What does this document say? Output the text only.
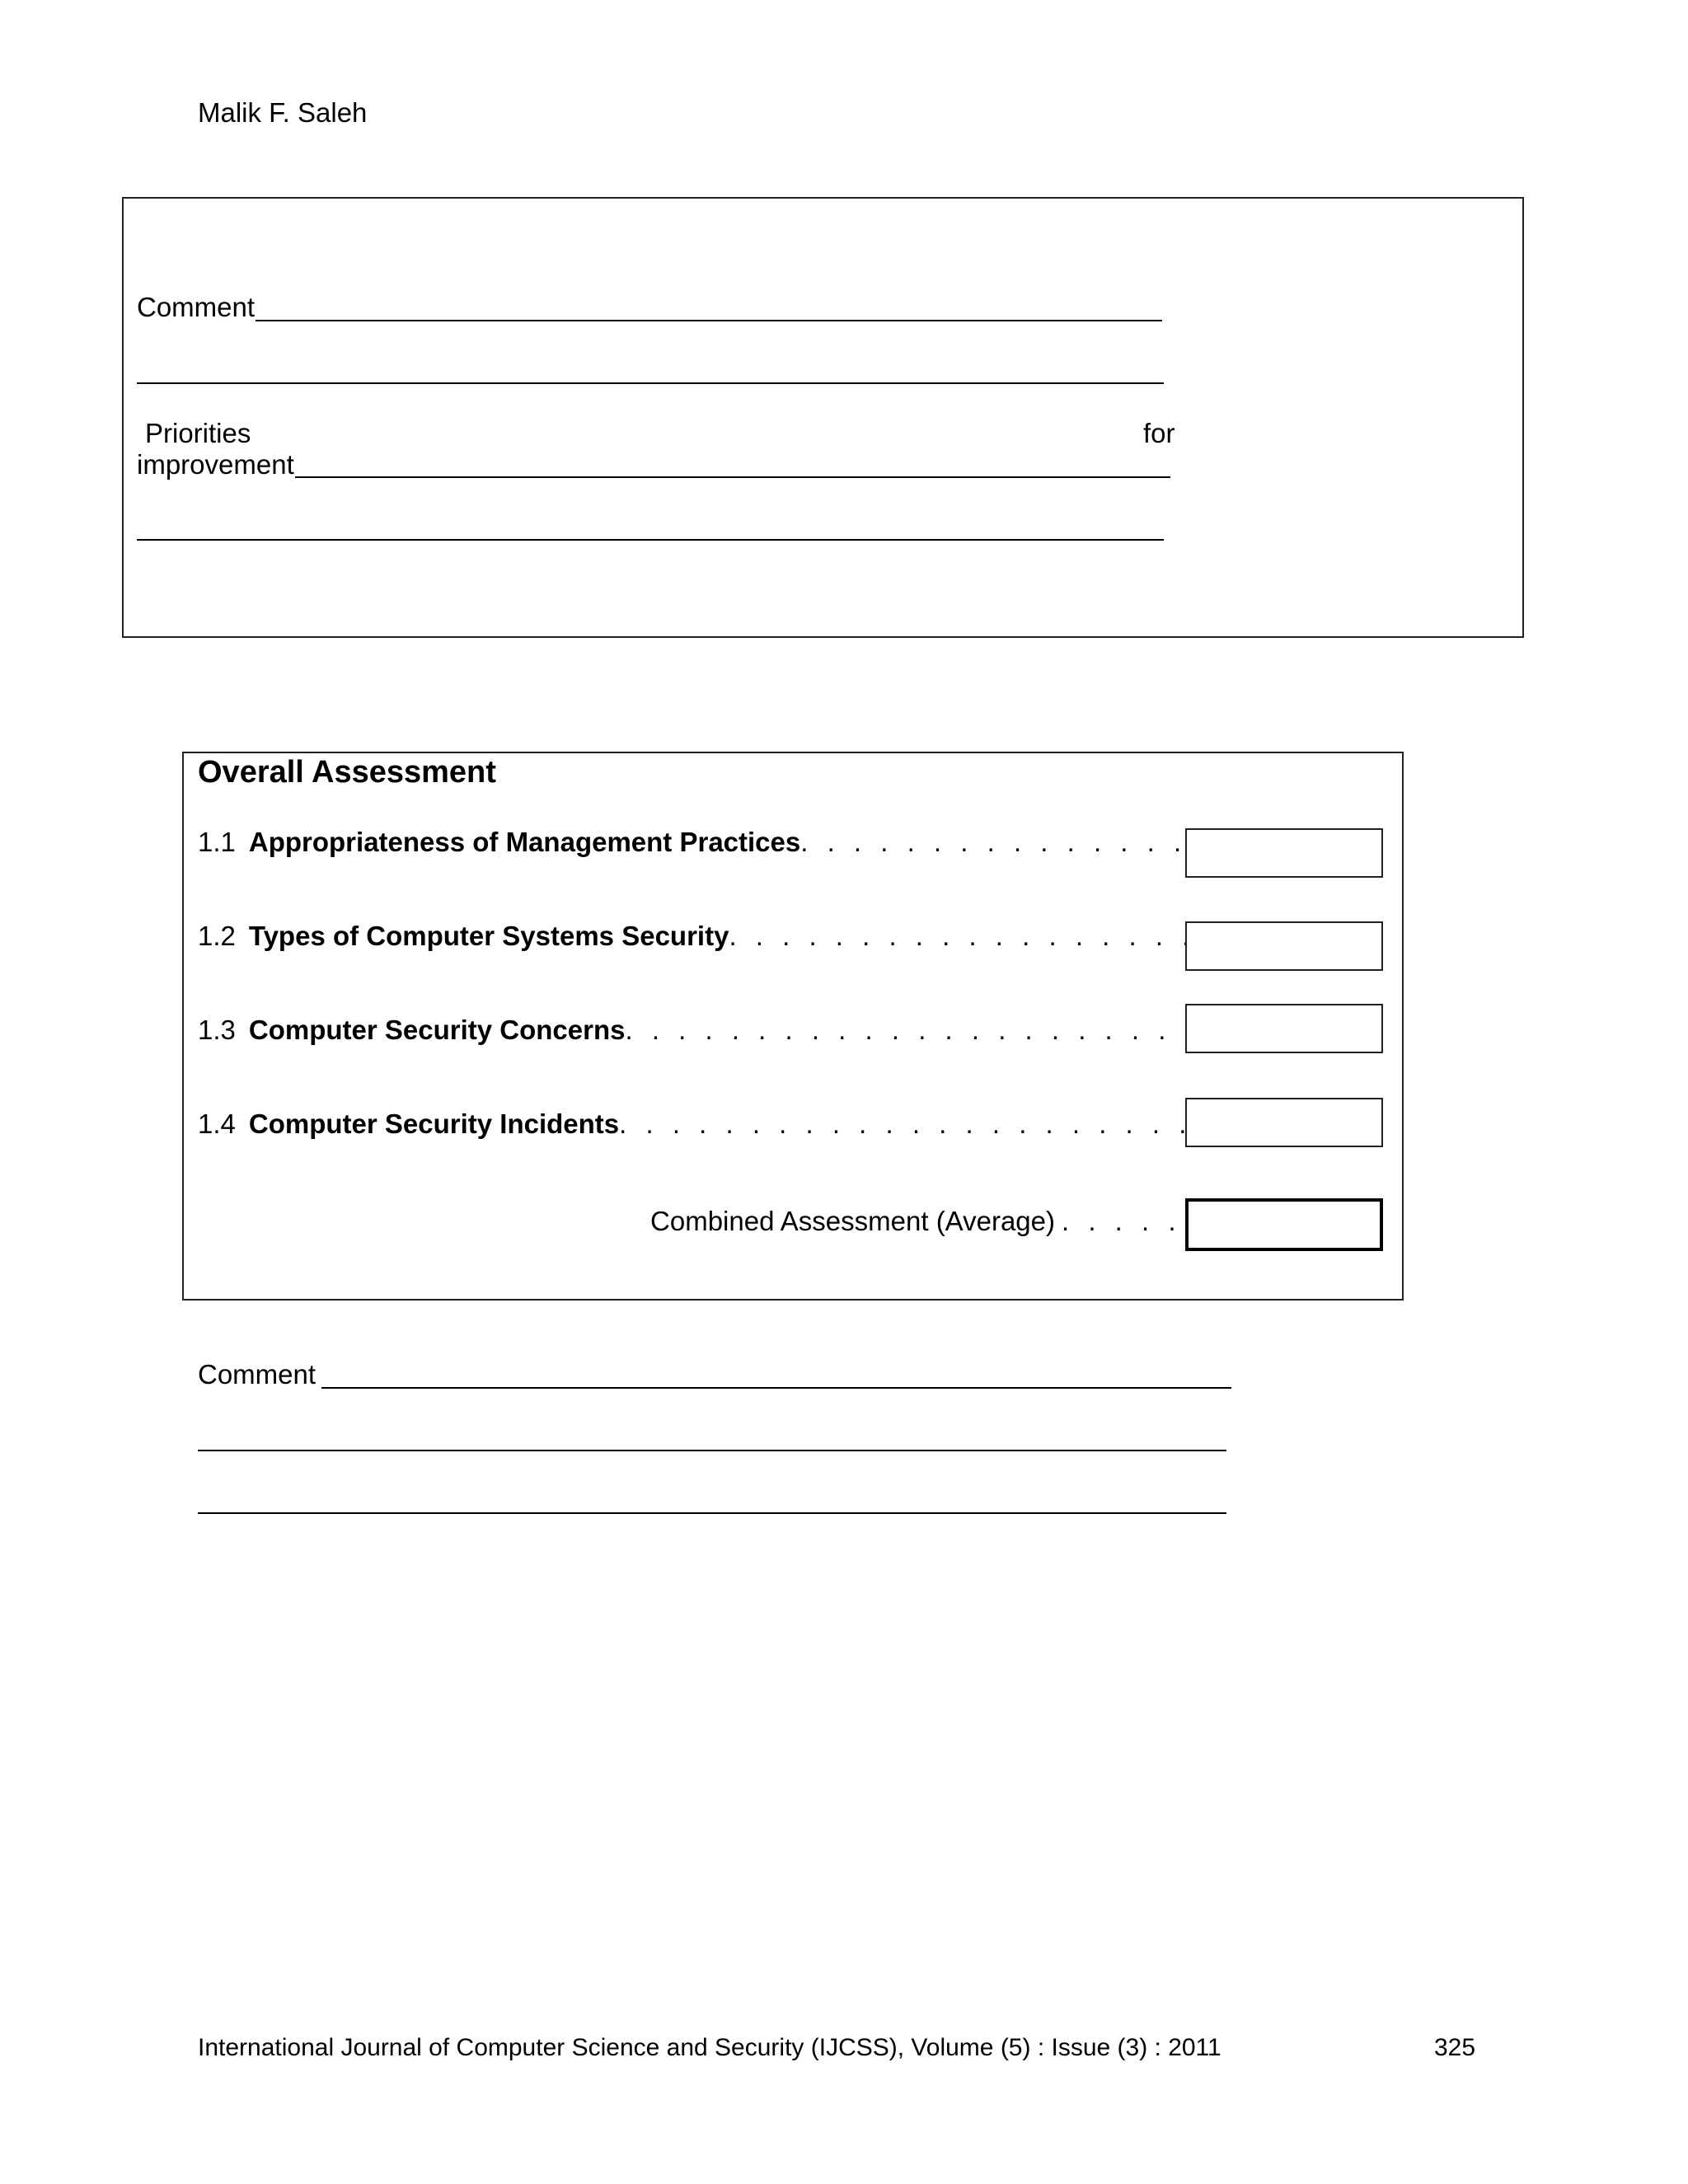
Malik F. Saleh
Comment
Priorities	for
improvement
Overall Assessment
1.1 Appropriateness of Management Practices
. . .
1.2 Types of Computer Systems Security
. . .
1.3 Computer Security Concerns
. . .
1.4 Computer Security Incidents
. . .
Combined Assessment (Average)
. . .
Comment
International Journal of Computer Science and Security (IJCSS), Volume (5) : Issue (3) : 2011	325
